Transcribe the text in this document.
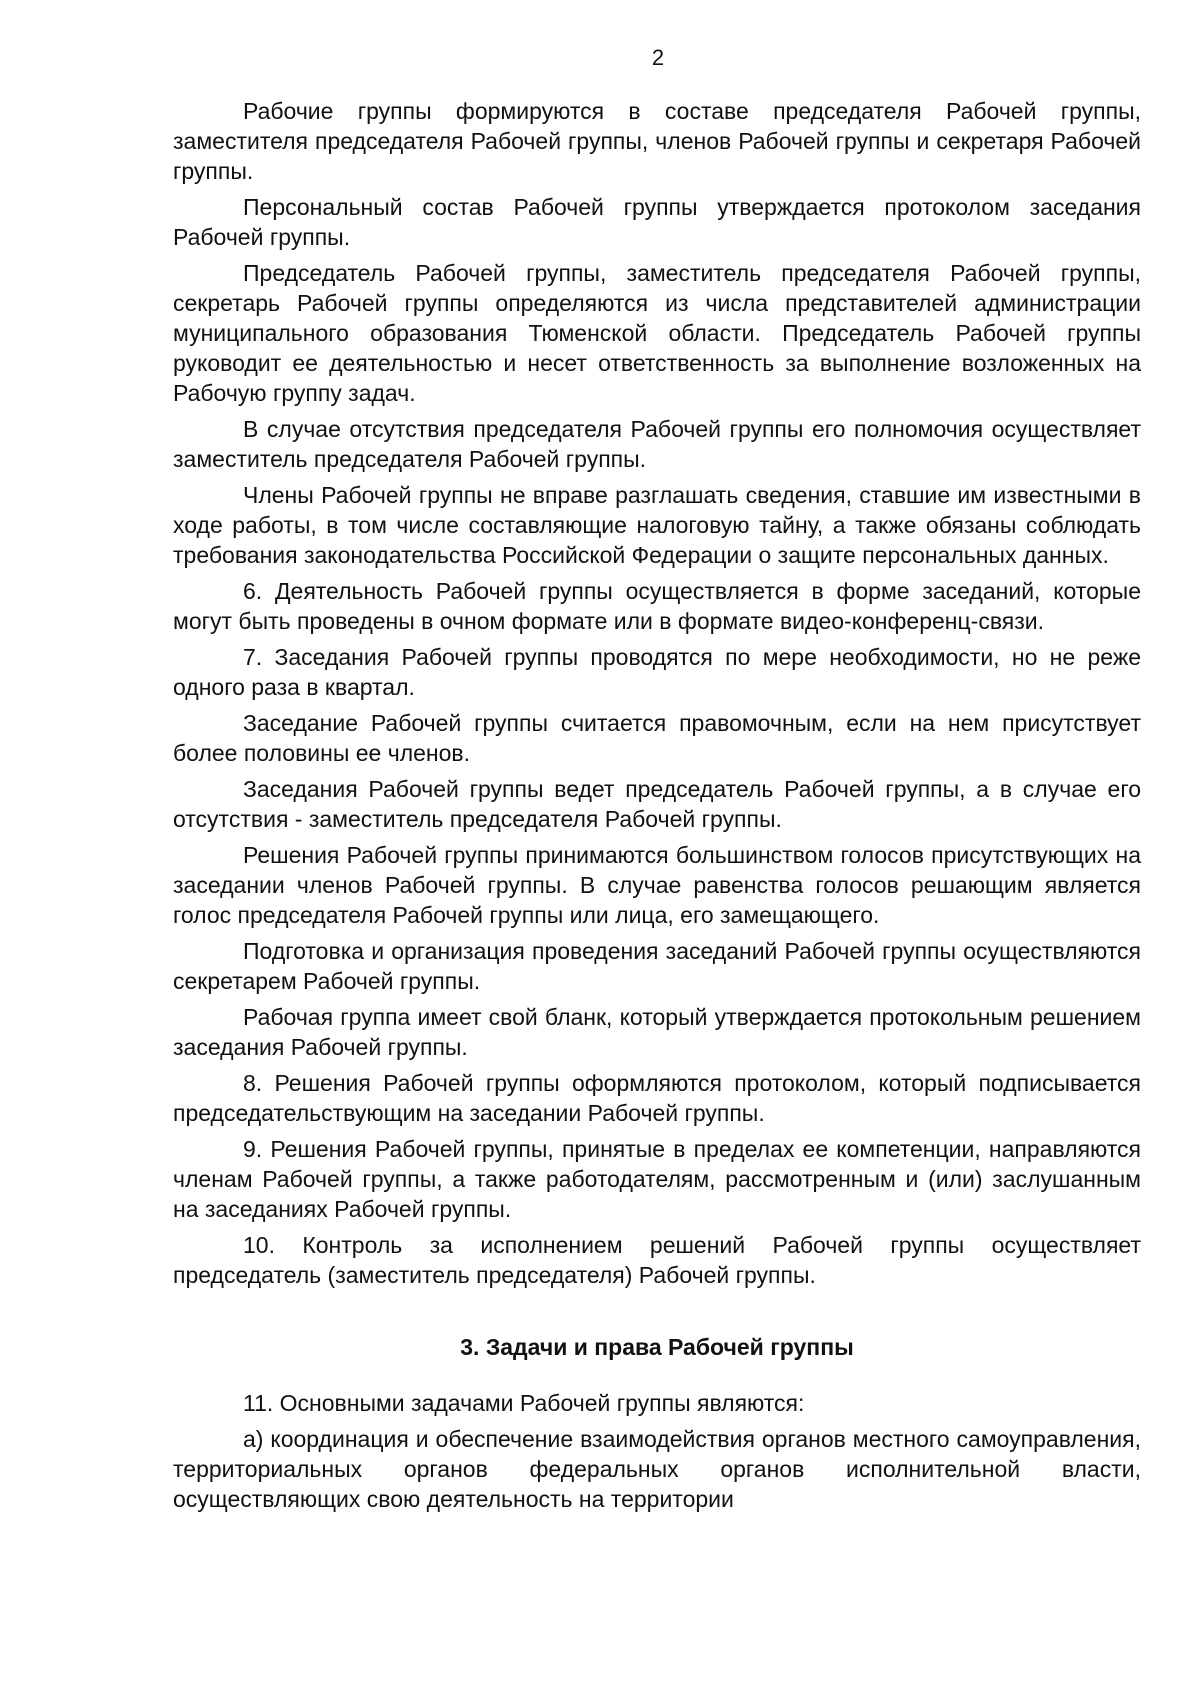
2

Рабочие группы формируются в составе председателя Рабочей группы, заместителя председателя Рабочей группы, членов Рабочей группы и секретаря Рабочей группы.

Персональный состав Рабочей группы утверждается протоколом заседания Рабочей группы.

Председатель Рабочей группы, заместитель председателя Рабочей группы, секретарь Рабочей группы определяются из числа представителей администрации муниципального образования Тюменской области. Председатель Рабочей группы руководит ее деятельностью и несет ответственность за выполнение возложенных на Рабочую группу задач.

В случае отсутствия председателя Рабочей группы его полномочия осуществляет заместитель председателя Рабочей группы.

Члены Рабочей группы не вправе разглашать сведения, ставшие им известными в ходе работы, в том числе составляющие налоговую тайну, а также обязаны соблюдать требования законодательства Российской Федерации о защите персональных данных.

6. Деятельность Рабочей группы осуществляется в форме заседаний, которые могут быть проведены в очном формате или в формате видео-конференц-связи.

7. Заседания Рабочей группы проводятся по мере необходимости, но не реже одного раза в квартал.

Заседание Рабочей группы считается правомочным, если на нем присутствует более половины ее членов.

Заседания Рабочей группы ведет председатель Рабочей группы, а в случае его отсутствия - заместитель председателя Рабочей группы.

Решения Рабочей группы принимаются большинством голосов присутствующих на заседании членов Рабочей группы. В случае равенства голосов решающим является голос председателя Рабочей группы или лица, его замещающего.

Подготовка и организация проведения заседаний Рабочей группы осуществляются секретарем Рабочей группы.

Рабочая группа имеет свой бланк, который утверждается протокольным решением заседания Рабочей группы.

8. Решения Рабочей группы оформляются протоколом, который подписывается председательствующим на заседании Рабочей группы.

9. Решения Рабочей группы, принятые в пределах ее компетенции, направляются членам Рабочей группы, а также работодателям, рассмотренным и (или) заслушанным на заседаниях Рабочей группы.

10. Контроль за исполнением решений Рабочей группы осуществляет председатель (заместитель председателя) Рабочей группы.

3. Задачи и права Рабочей группы

11. Основными задачами Рабочей группы являются:

а) координация и обеспечение взаимодействия органов местного самоуправления, территориальных органов федеральных органов исполнительной власти, осуществляющих свою деятельность на территории
